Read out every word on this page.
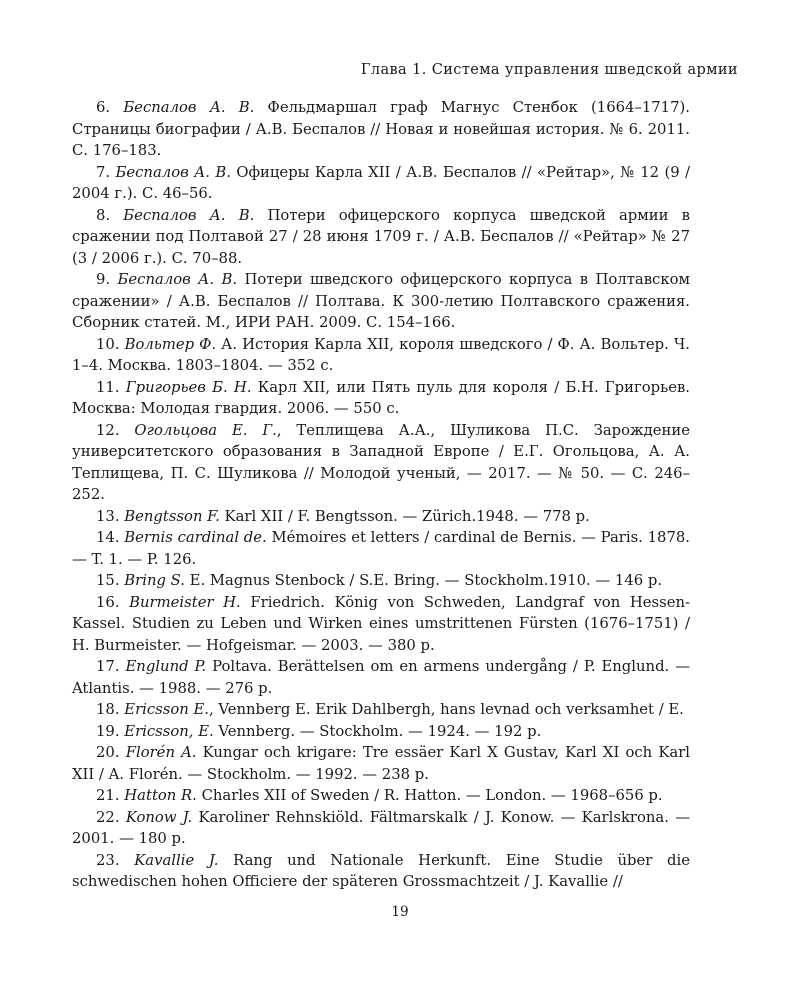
Глава 1. Система управления шведской армии

6. Беспалов А. В. Фельдмаршал граф Магнус Стенбок (1664–1717). Страницы биографии / А.В. Беспалов // Новая и новейшая история. № 6. 2011. С. 176–183.

7. Беспалов А. В. Офицеры Карла XII / А.В. Беспалов // «Рейтар», № 12 (9 / 2004 г.). С. 46–56.

8. Беспалов А. В. Потери офицерского корпуса шведской армии в сражении под Полтавой 27 / 28 июня 1709 г. / А.В. Беспалов // «Рейтар» № 27 (3 / 2006 г.). С. 70–88.

9. Беспалов А. В. Потери шведского офицерского корпуса в Полтавском сражении» / А.В. Беспалов // Полтава. К 300-летию Полтавского сражения. Сборник статей. М., ИРИ РАН. 2009. С. 154–166.

10. Вольтер Ф. А. История Карла XII, короля шведского / Ф. А. Вольтер. Ч. 1–4. Москва. 1803–1804. — 352 с.

11. Григорьев Б. Н. Карл XII, или Пять пуль для короля / Б.Н. Григорьев. Москва: Молодая гвардия. 2006. — 550 с.

12. Огольцова Е. Г., Теплищева А.А., Шуликова П.С. Зарождение университетского образования в Западной Европе / Е.Г. Огольцова, А. А. Теплищева, П. С. Шуликова // Молодой ученый, — 2017. — № 50. — С. 246–252.

13. Bengtsson F. Karl XII / F. Bengtsson. — Zürich.1948. — 778 p.

14. Bernis cardinal de. Mémoires et letters / cardinal de Bernis. — Paris. 1878. — T. 1. — P. 126.

15. Bring S. E. Magnus Stenbock / S.E. Bring. — Stockholm.1910. — 146 p.

16. Burmeister H. Friedrich. König von Schweden, Landgraf von Hessen-Kassel. Studien zu Leben und Wirken eines umstrittenen Fürsten (1676–1751) / H. Burmeister. — Hofgeismar. — 2003. — 380 p.

17. Englund P. Poltava. Berättelsen om en armens undergång / P. Englund. — Atlantis. — 1988. — 276 p.

18. Ericsson E., Vennberg E. Erik Dahlbergh, hans levnad och verksamhet / E.

19. Ericsson, E. Vennberg. — Stockholm. — 1924. — 192 p.

20. Florén A. Kungar och krigare: Tre essäer Karl X Gustav, Karl XI och Karl XII / A. Florén. — Stockholm. — 1992. — 238 p.

21. Hatton R. Charles XII of Sweden / R. Hatton. — London. — 1968–656 p.

22. Konow J. Karoliner Rehnskiöld. Fältmarskalk / J. Konow. — Karlskrona. — 2001. — 180 p.

23. Kavallie J. Rang und Nationale Herkunft. Eine Studie über die schwedischen hohen Officiere der späteren Grossmachtzeit / J. Kavallie //

19
